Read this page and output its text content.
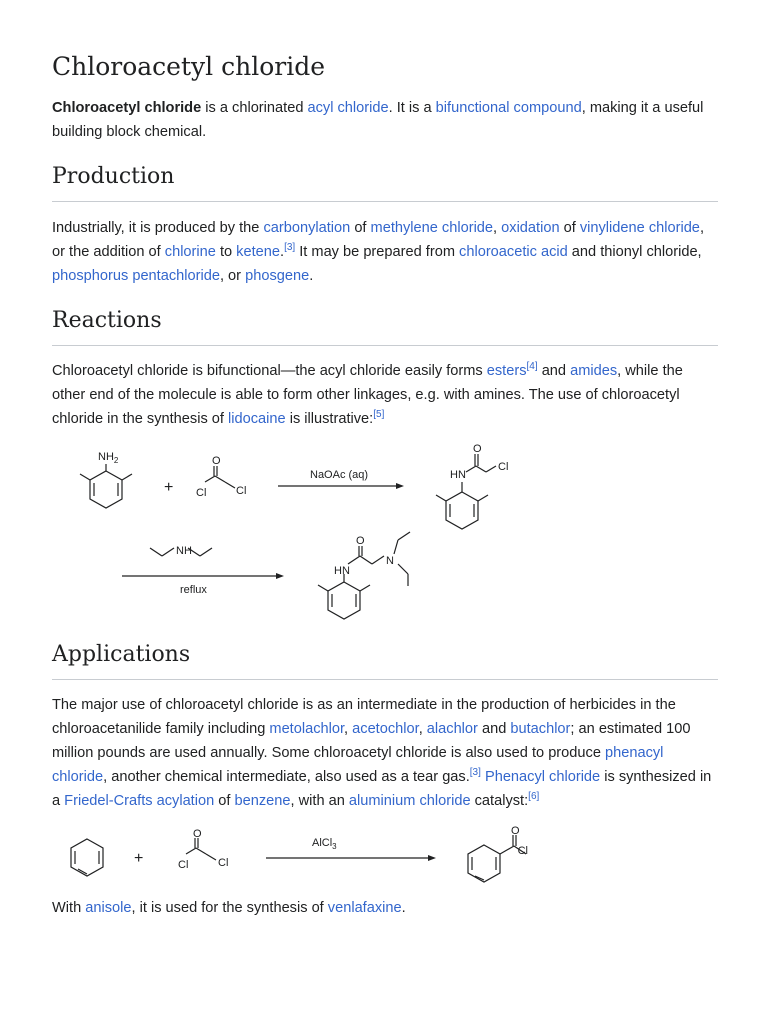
Chloroacetyl chloride

Chloroacetyl chloride is a chlorinated acyl chloride. It is a bifunctional compound, making it a useful building block chemical.

Production

Industrially, it is produced by the carbonylation of methylene chloride, oxidation of vinylidene chloride, or the addition of chlorine to ketene.[3] It may be prepared from chloroacetic acid and thionyl chloride, phosphorus pentachloride, or phosgene.

Reactions

Chloroacetyl chloride is bifunctional—the acyl chloride easily forms esters[4] and amides, while the other end of the molecule is able to form other linkages, e.g. with amines. The use of chloroacetyl chloride in the synthesis of lidocaine is illustrative:[5]

$NH_2$
+
O
Cl	Cl
NaOAc (aq)
O
HN
Cl
NH
reflux
O
HN
N
Applications

The major use of chloroacetyl chloride is as an intermediate in the production of herbicides in the chloroacetanilide family including metolachlor, acetochlor, alachlor and butachlor; an estimated 100 million pounds are used annually. Some chloroacetyl chloride is also used to produce phenacyl chloride, another chemical intermediate, also used as a tear gas.[3] Phenacyl chloride is synthesized in a Friedel-Crafts acylation of benzene, with an aluminium chloride catalyst:[6]

+
O
Cl	Cl
AlCl$_3$
O
Cl

With anisole, it is used for the synthesis of venlafaxine.
